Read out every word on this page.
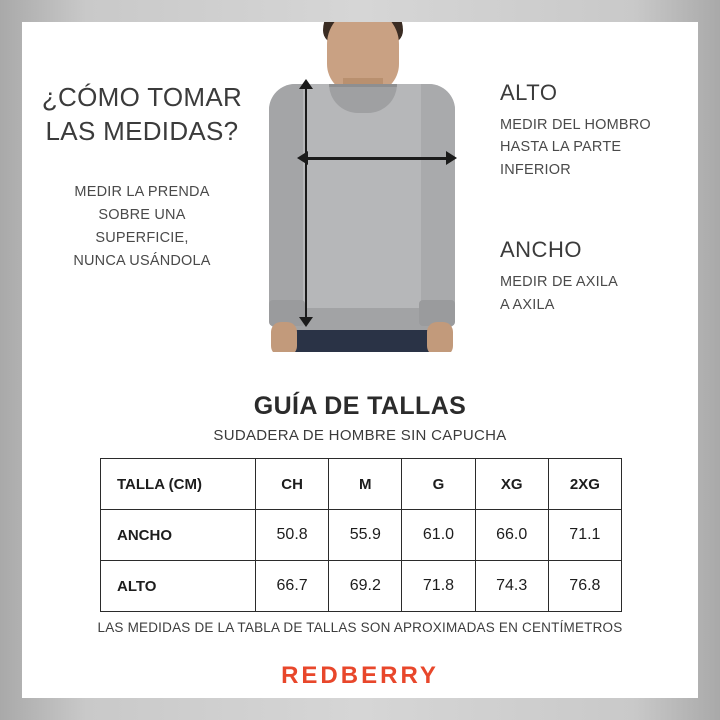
¿CÓMO TOMAR
LAS MEDIDAS?
MEDIR LA PRENDA
SOBRE UNA
SUPERFICIE,
NUNCA USÁNDOLA
ALTO
MEDIR DEL HOMBRO
HASTA LA PARTE
INFERIOR
ANCHO
MEDIR DE AXILA
A AXILA
GUÍA DE TALLAS
SUDADERA DE HOMBRE SIN CAPUCHA
TALLA (CM)	CH	M	G	XG	2XG
ANCHO	50.8	55.9	61.0	66.0	71.1
ALTO	66.7	69.2	71.8	74.3	76.8
LAS MEDIDAS DE LA TABLA DE TALLAS SON APROXIMADAS EN CENTÍMETROS
REDBERRY
